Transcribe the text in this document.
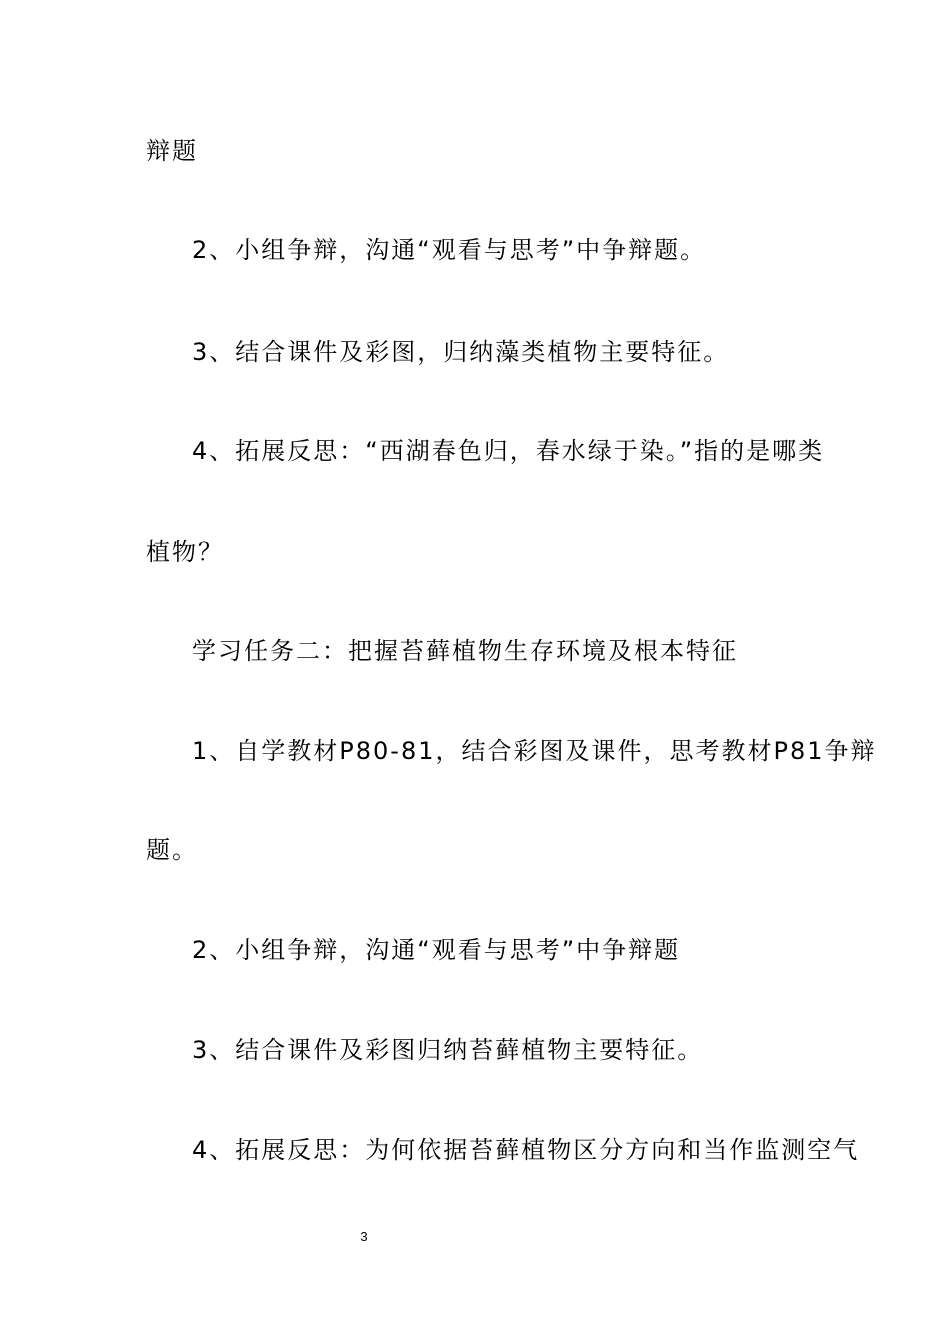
辩题
2、小组争辩，沟通“观看与思考”中争辩题。
3、结合课件及彩图，归纳藻类植物主要特征。
4、拓展反思：“西湖春色归，春水绿于染。”指的是哪类
植物？
学习任务二：把握苔藓植物生存环境及根本特征
1、自学教材P80-81，结合彩图及课件，思考教材P81争辩
题。
2、小组争辩，沟通“观看与思考”中争辩题
3、结合课件及彩图归纳苔藓植物主要特征。
4、拓展反思：为何依据苔藓植物区分方向和当作监测空气
3
